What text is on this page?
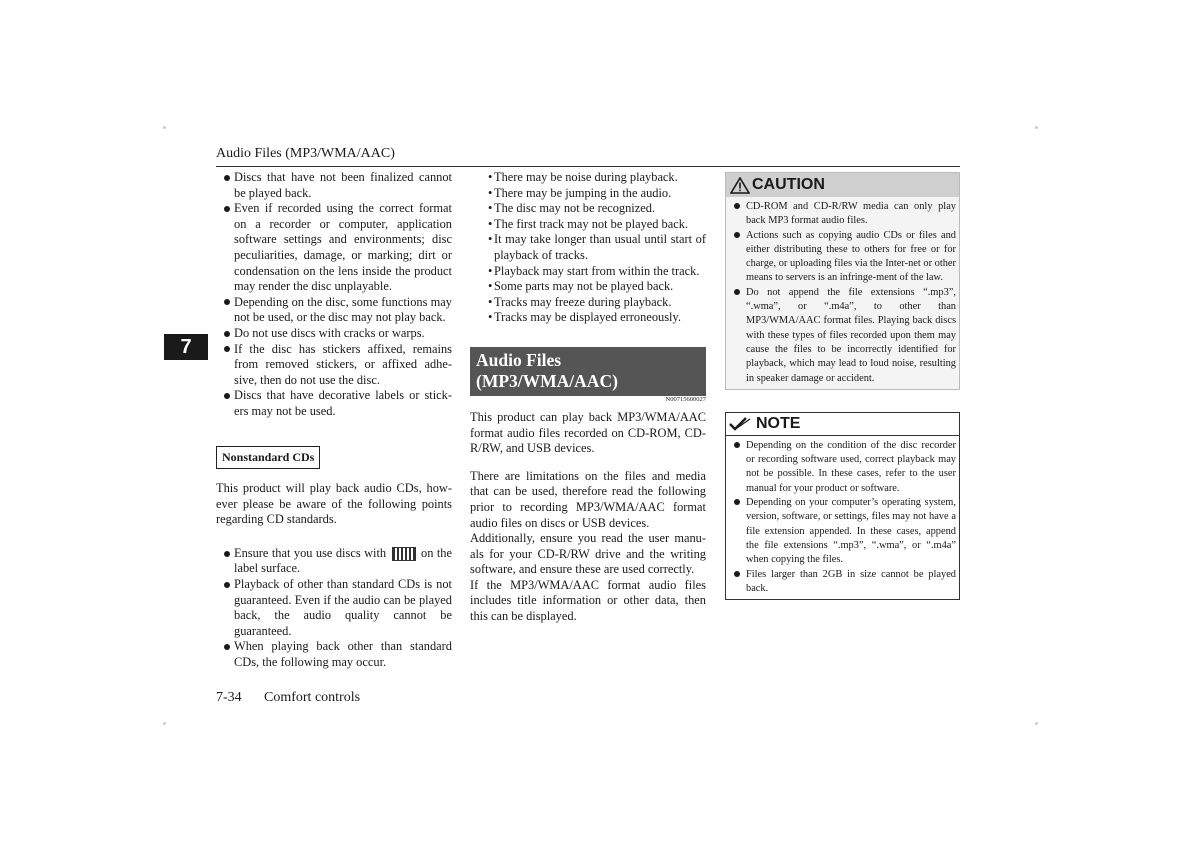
Audio Files (MP3/WMA/AAC)
7
Discs that have not been finalized cannot be played back.
Even if recorded using the correct format on a recorder or computer, application software settings and environments; disc peculiarities, damage, or marking; dirt or condensation on the lens inside the product may render the disc unplayable.
Depending on the disc, some functions may not be used, or the disc may not play back.
Do not use discs with cracks or warps.
If the disc has stickers affixed, remains from removed stickers, or affixed adhe-sive, then do not use the disc.
Discs that have decorative labels or stick-ers may not be used.
Nonstandard CDs

This product will play back audio CDs, how-ever please be aware of the following points regarding CD standards.

Ensure that you use discs with	on the label surface.
Playback of other than standard CDs is not guaranteed. Even if the audio can be played back, the audio quality cannot be guaranteed.
When playing back other than standard CDs, the following may occur.
• There may be noise during playback.
• There may be jumping in the audio.
• The disc may not be recognized.
• The first track may not be played back.
• It may take longer than usual until start of playback of tracks.
• Playback may start from within the track.
• Some parts may not be played back.
• Tracks may freeze during playback.
• Tracks may be displayed erroneously.
Audio Files
(MP3/WMA/AAC)
N00715600027

This product can play back MP3/WMA/AAC format audio files recorded on CD-ROM, CD-R/RW, and USB devices.

There are limitations on the files and media that can be used, therefore read the following prior to recording MP3/WMA/AAC format audio files on discs or USB devices.

Additionally, ensure you read the user manu-als for your CD-R/RW drive and the writing software, and ensure these are used correctly.

If the MP3/WMA/AAC format audio files includes title information or other data, then this can be displayed.

CAUTION
CD-ROM and CD-R/RW media can only play back MP3 format audio files.
Actions such as copying audio CDs or files and either distributing these to others for free or for charge, or uploading files via the Inter-net or other means to servers is an infringe-ment of the law.
Do not append the file extensions “.mp3”, “.wma”, or “.m4a”, to other than MP3/WMA/AAC format files. Playing back discs with these types of files recorded upon them may cause the files to be incorrectly identified for playback, which may lead to loud noise, resulting in speaker damage or accident.
NOTE
Depending on the condition of the disc recorder or recording software used, correct playback may not be possible. In these cases, refer to the user manual for your product or software.
Depending on your computer’s operating system, version, software, or settings, files may not have a file extension appended. In these cases, append the file extensions “.mp3”, “.wma”, or “.m4a” when copying the files.
Files larger than 2GB in size cannot be played back.
7-34 Comfort controls
